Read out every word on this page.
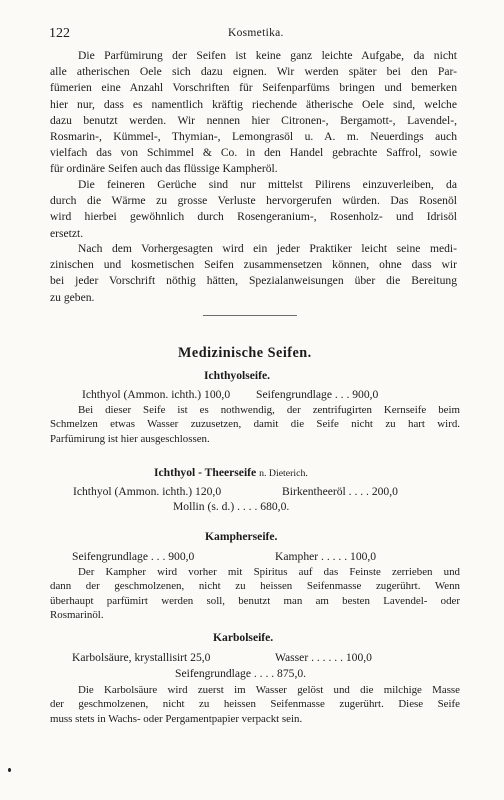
122	Kosmetika.
Die Parfümirung der Seifen ist keine ganz leichte Aufgabe, da nicht
alle atherischen Oele sich dazu eignen. Wir werden später bei den Par-
fümerien eine Anzahl Vorschriften für Seifenparfüms bringen und bemerken
hier nur, dass es namentlich kräftig riechende ätherische Oele sind, welche
dazu benutzt werden. Wir nennen hier Citronen-, Bergamott-, Lavendel-,
Rosmarin-, Kümmel-, Thymian-, Lemongrasöl u. A. m. Neuerdings auch
vielfach das von Schimmel & Co. in den Handel gebrachte Saffrol, sowie
für ordinäre Seifen auch das flüssige Kampheröl.
Die feineren Gerüche sind nur mittelst Pilirens einzuverleiben, da
durch die Wärme zu grosse Verluste hervorgerufen würden. Das Rosenöl
wird hierbei gewöhnlich durch Rosengeranium-, Rosenholz- und Idrisöl
ersetzt.
Nach dem Vorhergesagten wird ein jeder Praktiker leicht seine medi-
zinischen und kosmetischen Seifen zusammensetzen können, ohne dass wir
bei jeder Vorschrift nöthig hätten, Spezialanweisungen über die Bereitung
zu geben.
Medizinische Seifen.
Ichthyolseife.
Ichthyol (Ammon. ichth.) 100,0 Seifengrundlage . . . 900,0
Bei dieser Seife ist es nothwendig, der zentrifugirten Kernseife beim
Schmelzen etwas Wasser zuzusetzen, damit die Seife nicht zu hart wird.
Parfümirung ist hier ausgeschlossen.
Ichthyol - Theerseife n. Dieterich.
Ichthyol (Ammon. ichth.) 120,0	Birkentheeröl . . . . 200,0
Mollin (s. d.) . . . . 680,0.
Kampherseife.
Seifengrundlage . . . 900,0	Kampher . . . . . 100,0
Der Kampher wird vorher mit Spiritus auf das Feinste zerrieben und
dann der geschmolzenen, nicht zu heissen Seifenmasse zugerührt. Wenn
überhaupt parfümirt werden soll, benutzt man am besten Lavendel- oder
Rosmarinöl.
Karbolseife.
Karbolsäure, krystallisirt 25,0	Wasser . . . . . . 100,0
Seifengrundlage . . . . 875,0.
Die Karbolsäure wird zuerst im Wasser gelöst und die milchige Masse
der geschmolzenen, nicht zu heissen Seifenmasse zugerührt. Diese Seife
muss stets in Wachs- oder Pergamentpapier verpackt sein.
